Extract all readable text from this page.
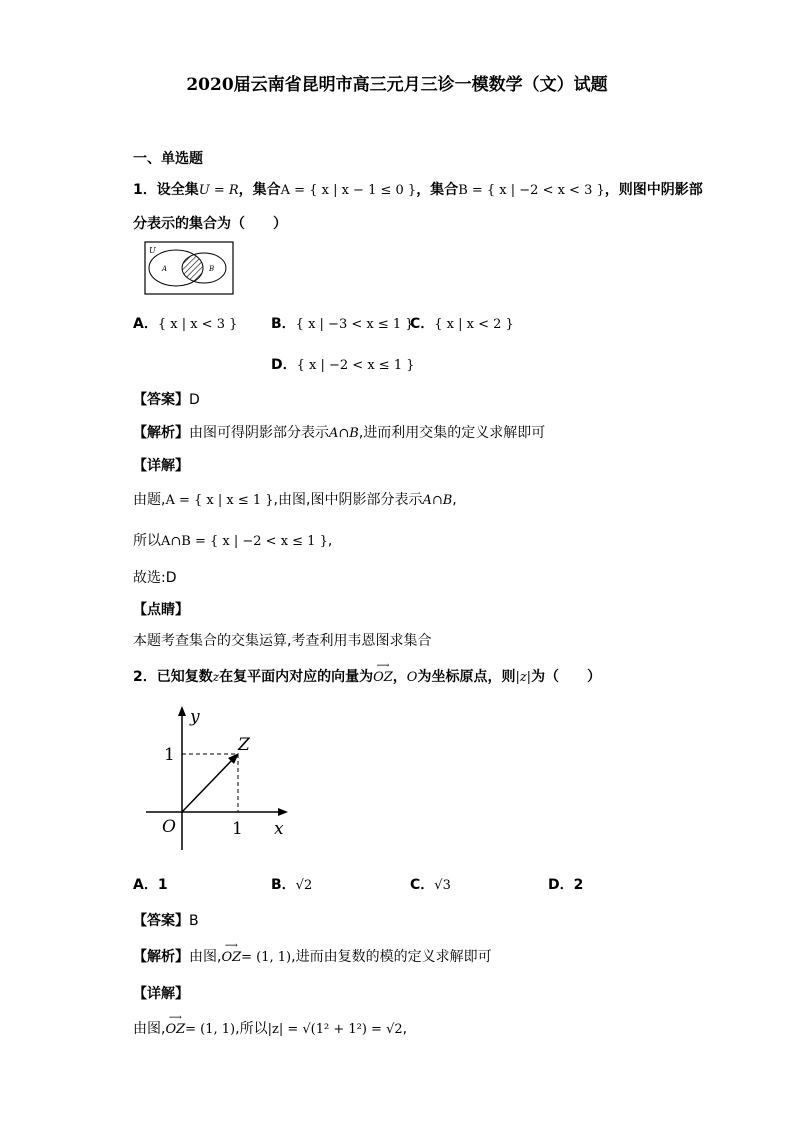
2020届云南省昆明市高三元月三诊一模数学（文）试题
一、单选题
1．设全集U = R，集合A = { x | x − 1 ≤ 0 }，集合B = { x | −2 < x < 3 }，则图中阴影部
分表示的集合为（　　）
U
A	B
A．{ x | x < 3 } B．{ x | −3 < x ≤ 1 }
C．{ x | x < 2 }
D．{ x | −2 < x ≤ 1 }
【答案】D
【解析】由图可得阴影部分表示A∩B,进而利用交集的定义求解即可
【详解】
由题,A = { x | x ≤ 1 },由图,图中阴影部分表示A∩B,
所以A∩B = { x | −2 < x ≤ 1 },
故选:D
【点睛】
本题考查集合的交集运算,考查利用韦恩图求集合
2．已知复数z在复平面内对应的向量为
⟶
OZ，O为坐标原点，则|z|为（　　）
y
x
O
Z
1
1
A．1	B．√2	C．√3	D．2
【答案】B
【解析】由图,
⟶
OZ= (1, 1),进而由复数的模的定义求解即可
【详解】
由图,
⟶
OZ= (1, 1),所以|z| = √(1² + 1²) = √2,
